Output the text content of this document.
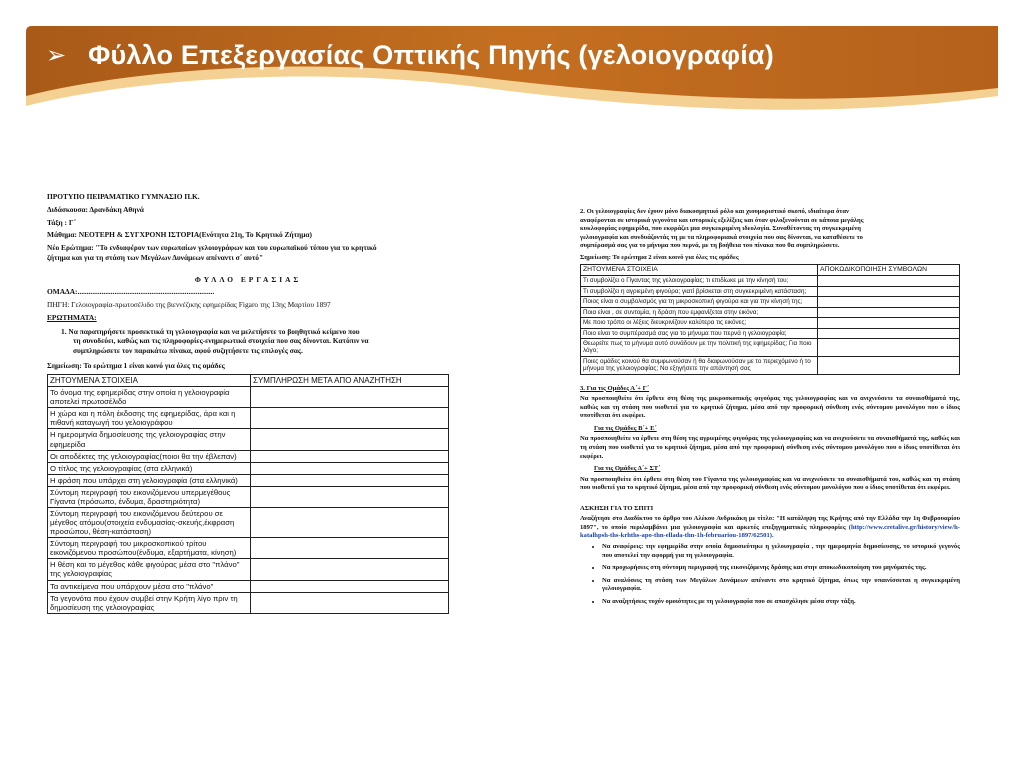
➢ Φύλλο Επεξεργασίας Οπτικής Πηγής (γελοιογραφία)
ΠΡΟΤΥΠΟ ΠΕΙΡΑΜΑΤΙΚΟ ΓΥΜΝΑΣΙΟ Π.Κ.
Διδάσκουσα: Δρανδάκη Αθηνά
Τάξη : Γ΄
Μάθημα: ΝΕΟΤΕΡΗ & ΣΥΓΧΡΟΝΗ ΙΣΤΟΡΙΑ(Ενότητα 21η, Το Κρητικό Ζήτημα)
Νέο Ερώτημα: "Το ενδιαφέρον των ευρωπαίων γελοιογράφων και του ευρωπαϊκού τύπου για το κρητικό
ζήτημα και για τη στάση των Μεγάλων Δυνάμεων απέναντι σ΄ αυτό"
ΦΥΛΛΟ ΕΡΓΑΣΙΑΣ
ΟΜΑΔΑ:..........................................................................
ΠΗΓΗ: Γελοιογραφία-πρωτοσέλιδο της βιεννέζικης εφημερίδας Figaro της 13ης Μαρτίου 1897
ΕΡΩΤΗΜΑΤΑ:
1. Να παρατηρήσετε προσεκτικά τη γελοιογραφία και να μελετήσετε το βοηθητικό κείμενο που
τη συνοδεύει, καθώς και τις πληροφορίες-ενημερωτικά στοιχεία που σας δίνονται. Κατόπιν να
συμπληρώσετε τον παρακάτω πίνακα, αφού συζητήσετε τις επιλογές σας.
Σημείωση: Το ερώτημα 1 είναι κοινό για όλες τις ομάδες
ΖΗΤΟΥΜΕΝΑ ΣΤΟΙΧΕΙΑ	ΣΥΜΠΛΗΡΩΣΗ ΜΕΤΑ ΑΠΟ ΑΝΑΖΗΤΗΣΗ
Το όνομα της εφημερίδας στην οποία η γελοιογραφία αποτελεί πρωτοσέλιδο	
Η χώρα και η πόλη έκδοσης της εφημερίδας, άρα και η πιθανή καταγωγή του γελοιογράφου	
Η ημερομηνία δημοσίευσης της γελοιογραφίας στην εφημερίδα	
Οι αποδέκτες της γελοιογραφίας(ποιοι θα την έβλεπαν)	
Ο τίτλος της γελοιογραφίας (στα ελληνικά)	
Η φράση που υπάρχει στη γελοιογραφία (στα ελληνικά)	
Σύντομη περιγραφή του εικονιζόμενου υπερμεγέθους Γίγαντα (πρόσωπο, ένδυμα, δραστηριότητα)	
Σύντομη περιγραφή του εικονιζόμενου δεύτερου σε μέγεθος ατόμου(στοιχεία ενδυμασίας-σκευής,έκφραση προσώπου, θέση-κατάσταση)	
Σύντομη περιγραφή του μικροσκοπικού τρίτου εικονιζόμενου προσώπου(ένδυμα, εξαρτήματα, κίνηση)	
Η θέση και το μέγεθος κάθε φιγούρας μέσα στο "πλάνο" της γελοιογραφίας	
Τα αντικείμενα που υπάρχουν μέσα στο "πλάνο"	
Τα γεγονότα που έχουν συμβεί στην Κρήτη λίγο πριν τη δημοσίευση της γελοιογραφίας	
2. Οι γελοιογραφίες δεν έχουν μόνο διακοσμητικό ρόλο και χιουμοριστικό σκοπό, ιδιαίτερα όταν
αναφέρονται σε ιστορικά γεγονότα και ιστορικές εξελίξεις και όταν φιλοξενούνται σε κάποια μεγάλης
κυκλοφορίας εφημερίδα, που εκφράζει μια συγκεκριμένη ιδεολογία. Συναθέτοντας τη συγκεκριμένη
γελοιογραφία και συνδυάζοντάς τη με τα πληροφοριακά στοιχεία που σας δίνονται, να καταθέσετε το
συμπέρασμά σας για το μήνυμα που περνά, με τη βοήθεια του πίνακα που θα συμπληρώσετε.
Σημείωση: Το ερώτημα 2 είναι κοινό για όλες τις ομάδες
ΖΗΤΟΥΜΕΝΑ ΣΤΟΙΧΕΙΑ	ΑΠΟΚΩΔΙΚΟΠΟΙΗΣΗ ΣΥΜΒΟΛΩΝ
Τι συμβολίζει ο Γίγαντας της γελοιογραφίας; τι επιδίωκε με την κίνησή του;	
Τι συμβολίζει η αγριεμένη φιγούρα; γιατί βρίσκεται στη συγκεκριμένη κατάσταση;	
Ποιος είναι ο συμβολισμός για τη μικροσκοπική φιγούρα και για την κίνησή της;	
Ποια είναι , σε συντομία, η δράση που εμφανίζεται στην εικόνα;	
Με ποιο τρόπο οι λέξεις διευκρινίζουν καλύτερα τις εικόνες;	
Ποιο είναι το συμπέρασμά σας για το μήνυμα που περνά η γελοιογραφία;	
Θεωρείτε πως το μήνυμα αυτό συνάδουν με την πολιτική της εφημερίδας; Για ποιο λόγο;	
Ποιες ομάδες κοινού θα συμφωνούσαν ή θα διαφωνούσαν με το περιεχόμενο ή το μήνυμα της γελοιογραφίας; Να εξηγήσετε την απάντησή σας	
3. Για τις Ομάδες Α΄+ Γ΄
Να προσποιηθείτε ότι έρθετε στη θέση της μικροσκοπικής φιγούρας της γελοιογραφίας και να ανιχνεύσετε τα συναισθήματά της, καθώς και τη στάση που υιοθετεί για το κρητικό ζήτημα, μέσα από την προφορική σύνθεση ενός σύντομου μονολόγου που ο ίδιος υποτίθεται ότι εκφέρει.
Για τις Ομάδες Β΄+ Ε΄
Να προσποιηθείτε να έρθετε στη θέση της αγριεμένης φιγούρας της γελοιογραφίας και να ανιχνεύσετε τα συναισθήματά της, καθώς και τη στάση που υιοθετεί για το κρητικό ζήτημα, μέσα από την προφορική σύνθεση ενός σύντομου μονολόγου που ο ίδιος υποτίθεται ότι εκφέρει.
Για τις Ομάδες Δ΄+ ΣΤ΄
Να προσποιηθείτε ότι έρθετε στη θέση του Γίγαντα της γελοιογραφίας και να ανιχνεύσετε τα συναισθήματά του, καθώς και τη στάση που υιοθετεί για το κρητικό ζήτημα, μέσα από την προφορική σύνθεση ενός σύντομου μονολόγου που ο ίδιος υποτίθεται ότι εκφέρει.
ΑΣΚΗΣΗ ΓΙΑ ΤΟ ΣΠΙΤΙ
Αναζήτησε στο Διαδίκτυο το άρθρο του Αλέκου Ανδρικάκη με τίτλο: "Η κατάληψη της Κρήτης από την Ελλάδα την 1η Φεβρουαρίου 1897", το οποίο περιλαμβάνει μια γελοιογραφία και αρκετές επεξηγηματικές πληροφορίες (http://www.cretalive.gr/history/view/h-katalhpsh-ths-krhths-apo-thn-ellada-thn-1h-februariou-1897/62501).
• Να αναφέρεις: την εφημερίδα στην οποία δημοσιεύτηκε η γελοιογραφία , την ημερομηνία δημοσίευσης, το ιστορικό γεγονός που αποτελεί την αφορμή για τη γελοιογραφία.
• Να προχωρήσεις στη σύντομη περιγραφή της εικονιζόμενης δράσης και στην αποκωδικοποίηση του μηνύματός της.
• Να αναλύσεις τη στάση των Μεγάλων Δυνάμεων απέναντι στο κρητικό ζήτημα, όπως την υπαινίσσεται η συγκεκριμένη γελοιογραφία.
• Να αναζητήσεις τυχόν ομοιότητες με τη γελοιογραφία που σε απασχόλησε μέσα στην τάξη.
